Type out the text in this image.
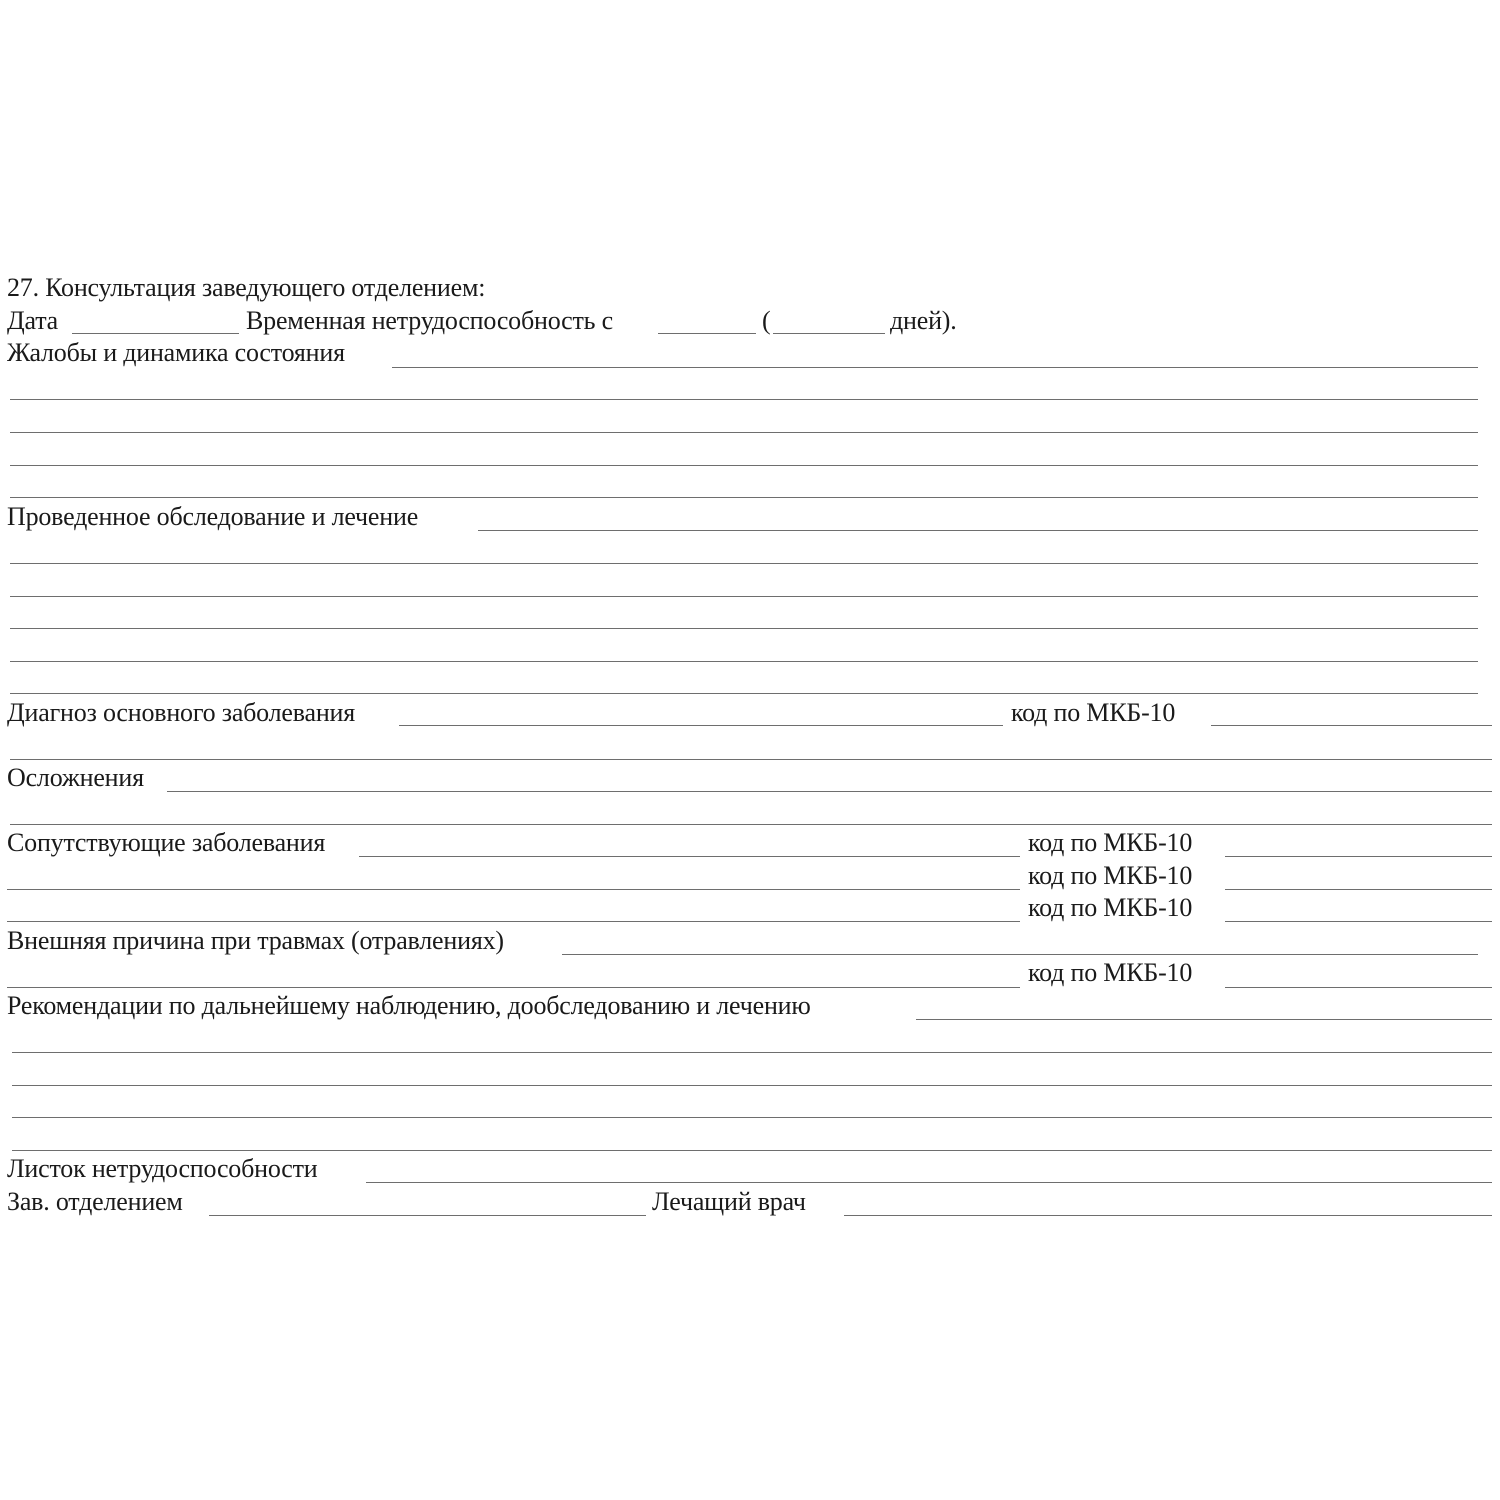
27. Консультация заведующего отделением:
Дата	Временная нетрудоспособность с	(	дней).
Жалобы и динамика состояния
Проведенное обследование и лечение
Диагноз основного заболевания	код по МКБ-10
Осложнения
Сопутствующие заболевания	код по МКБ-10
код по МКБ-10
код по МКБ-10
Внешняя причина при травмах (отравлениях)
код по МКБ-10
Рекомендации по дальнейшему наблюдению, дообследованию и лечению
Листок нетрудоспособности
Зав. отделением	Лечащий врач
